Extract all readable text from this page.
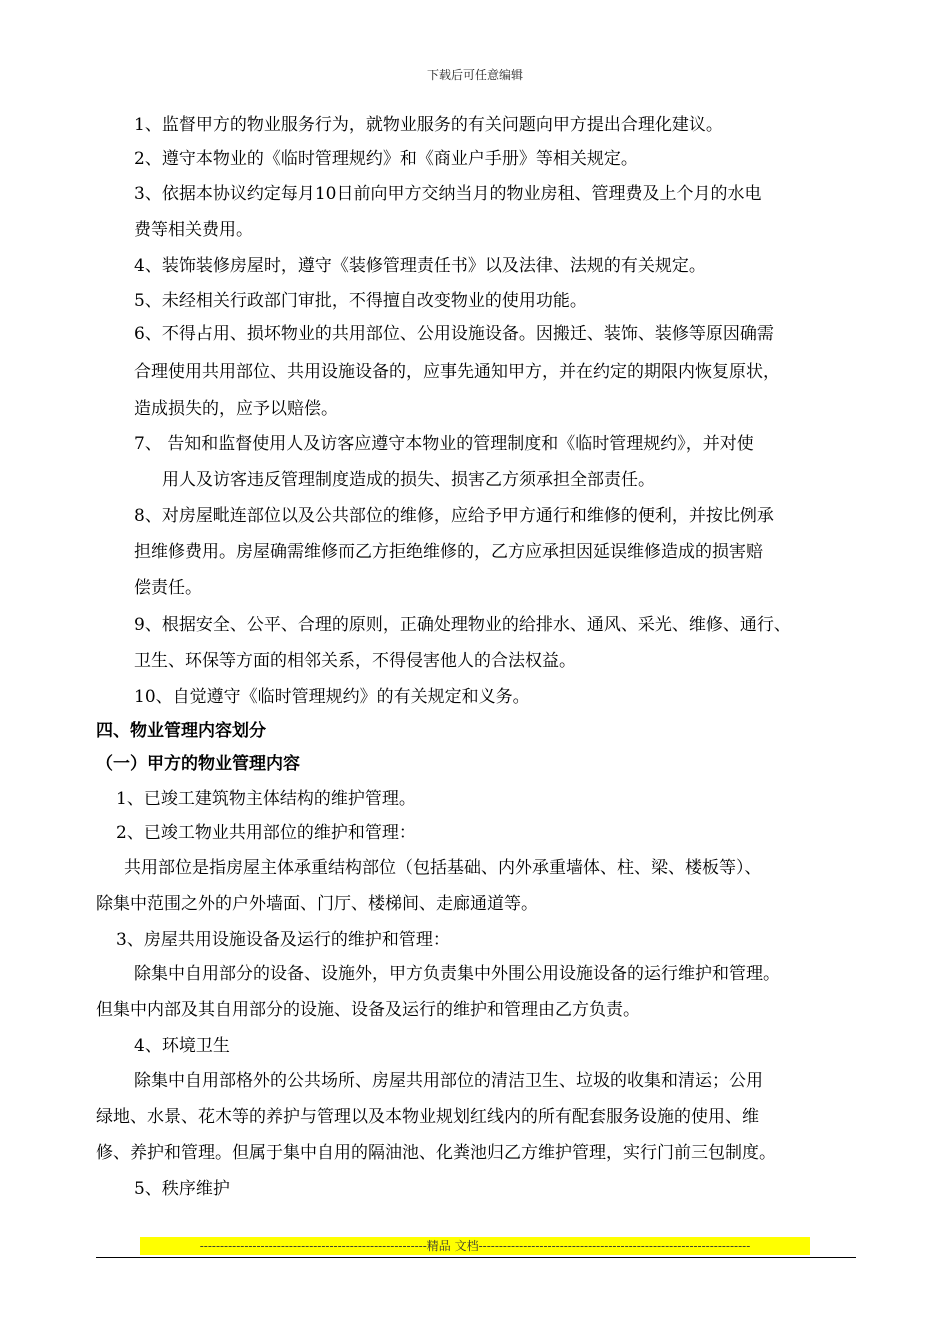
下载后可任意编辑
1、监督甲方的物业服务行为，就物业服务的有关问题向甲方提出合理化建议。
2、遵守本物业的《临时管理规约》和《商业户手册》等相关规定。
3、依据本协议约定每月10日前向甲方交纳当月的物业房租、管理费及上个月的水电
费等相关费用。
4、装饰装修房屋时，遵守《装修管理责任书》以及法律、法规的有关规定。
5、未经相关行政部门审批，不得擅自改变物业的使用功能。
6、不得占用、损坏物业的共用部位、公用设施设备。因搬迁、装饰、装修等原因确需
合理使用共用部位、共用设施设备的，应事先通知甲方，并在约定的期限内恢复原状，
造成损失的，应予以赔偿。
7、 告知和监督使用人及访客应遵守本物业的管理制度和《临时管理规约》，并对使
用人及访客违反管理制度造成的损失、损害乙方须承担全部责任。
8、对房屋毗连部位以及公共部位的维修，应给予甲方通行和维修的便利，并按比例承
担维修费用。房屋确需维修而乙方拒绝维修的，乙方应承担因延误维修造成的损害赔
偿责任。
9、根据安全、公平、合理的原则，正确处理物业的给排水、通风、采光、维修、通行、
卫生、环保等方面的相邻关系，不得侵害他人的合法权益。
10、自觉遵守《临时管理规约》的有关规定和义务。
四、物业管理内容划分
（一）甲方的物业管理内容
1、已竣工建筑物主体结构的维护管理。
2、已竣工物业共用部位的维护和管理：
共用部位是指房屋主体承重结构部位（包括基础、内外承重墙体、柱、梁、楼板等）、
除集中范围之外的户外墙面、门厅、楼梯间、走廊通道等。
3、房屋共用设施设备及运行的维护和管理：
除集中自用部分的设备、设施外，甲方负责集中外围公用设施设备的运行维护和管理。
但集中内部及其自用部分的设施、设备及运行的维护和管理由乙方负责。
4、环境卫生
除集中自用部格外的公共场所、房屋共用部位的清洁卫生、垃圾的收集和清运；公用
绿地、水景、花木等的养护与管理以及本物业规划红线内的所有配套服务设施的使用、维
修、养护和管理。但属于集中自用的隔油池、化粪池归乙方维护管理，实行门前三包制度。
5、秩序维护
--------------------------------------------------------精品 文档-------------------------------------------------------------------
